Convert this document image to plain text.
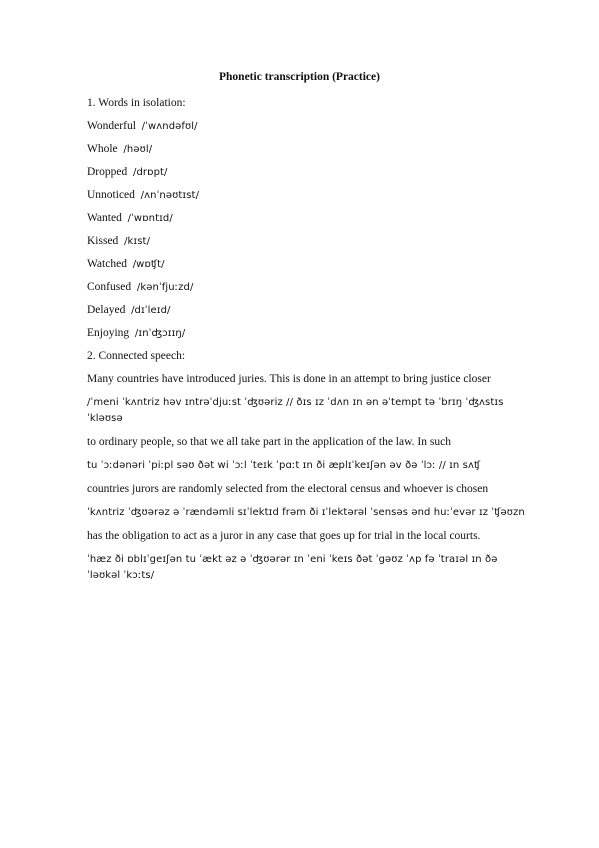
Phonetic transcription (Practice)
1. Words in isolation:
Wonderful /ˈwʌndəfʊl/
Whole /həʊl/
Dropped /drɒpt/
Unnoticed /ʌnˈnəʊtɪst/
Wanted /ˈwɒntɪd/
Kissed /kɪst/
Watched /wɒʧt/
Confused /kənˈfjuːzd/
Delayed /dɪˈleɪd/
Enjoying /ɪnˈʤɔɪɪŋ/
2. Connected speech:
Many countries have introduced juries. This is done in an attempt to bring justice closer
/ˈmeni ˈkʌntriz həv ɪntrəˈdjuːst ˈʤʊəriz // ðɪs ɪz ˈdʌn ɪn ən əˈtempt tə ˈbrɪŋ ˈʤʌstɪs
ˈkləʊsə
to ordinary people, so that we all take part in the application of the law. In such
tu ˈɔːdənəri ˈpiːpl səʊ ðət wi ˈɔːl ˈteɪk ˈpɑːt ɪn ði æplɪˈkeɪʃən əv ðə ˈlɔː // ɪn sʌʧ
countries jurors are randomly selected from the electoral census and whoever is chosen
ˈkʌntriz ˈʤʊərəz ə ˈrændəmli sɪˈlektɪd frəm ði ɪˈlektərəl ˈsensəs ənd huːˈevər ɪz ˈʧəʊzn
has the obligation to act as a juror in any case that goes up for trial in the local courts.
ˈhæz ði ɒblɪˈgeɪʃən tu ˈækt əz ə ˈʤʊərər ɪn ˈeni ˈkeɪs ðət ˈgəʊz ˈʌp fə ˈtraɪəl ɪn ðə
ˈləʊkəl ˈkɔːts/
